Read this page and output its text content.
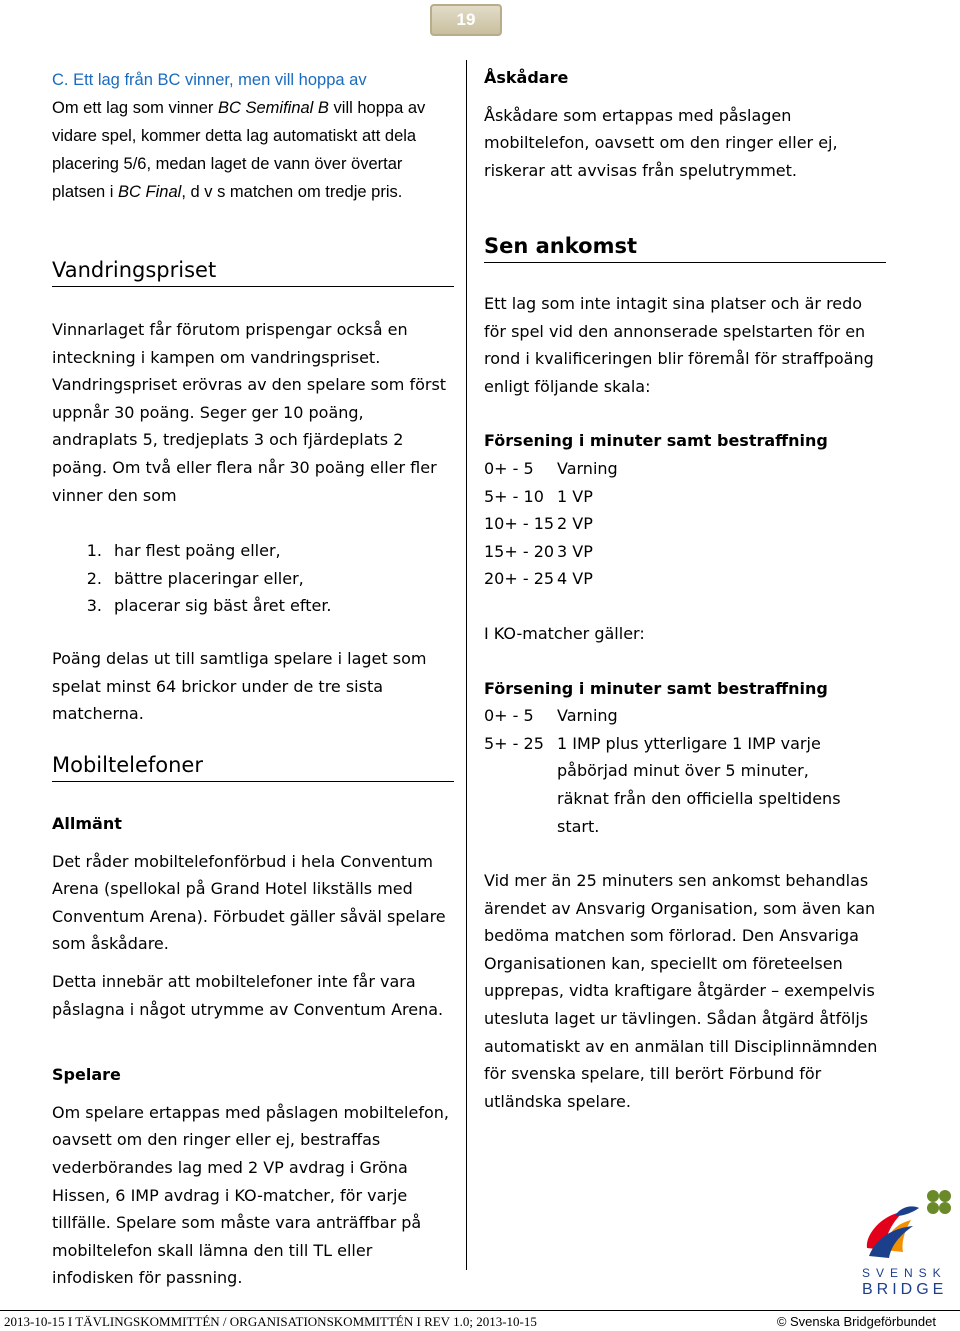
19
C. Ett lag från BC vinner, men vill hoppa av
Om ett lag som vinner BC Semifinal B vill hoppa av
vidare spel, kommer detta lag automatiskt att dela
placering 5/6, medan laget de vann över övertar
platsen i BC Final, d v s matchen om tredje pris.
Vandringspriset

Vinnarlaget får förutom prispengar också en inteckning i kampen om vandringspriset. Vandringspriset erövras av den spelare som först uppnår 30 poäng. Seger ger 10 poäng, andraplats 5, tredjeplats 3 och fjärdeplats 2 poäng. Om två eller flera når 30 poäng eller fler vinner den som

1. har flest poäng eller,
2. bättre placeringar eller,
3. placerar sig bäst året efter.

Poäng delas ut till samtliga spelare i laget som spelat minst 64 brickor under de tre sista matcherna.

Mobiltelefoner

Allmänt

Det råder mobiltelefonförbud i hela Conventum Arena (spellokal på Grand Hotel likställs med Conventum Arena). Förbudet gäller såväl spelare som åskådare.

Detta innebär att mobiltelefoner inte får vara påslagna i något utrymme av Conventum Arena.

Spelare

Om spelare ertappas med påslagen mobiltelefon, oavsett om den ringer eller ej, bestraffas vederbörandes lag med 2 VP avdrag i Gröna Hissen, 6 IMP avdrag i KO-matcher, för varje tillfälle. Spelare som måste vara anträffbar på mobiltelefon skall lämna den till TL eller infodisken för passning.

Åskådare

Åskådare som ertappas med påslagen mobiltelefon, oavsett om den ringer eller ej, riskerar att avvisas från spelutrymmet.

Sen ankomst

Ett lag som inte intagit sina platser och är redo för spel vid den annonserade spelstarten för en rond i kvalificeringen blir föremål för straffpoäng enligt följande skala:

Försening i minuter samt bestraffning

0+ - 5	Varning
5+ - 10 1 VP
10+ - 15 2 VP
15+ - 20 3 VP
20+ - 25 4 VP

I KO-matcher gäller:

Försening i minuter samt bestraffning

0+ - 5	Varning
5+ - 25 1 IMP plus ytterligare 1 IMP varje påbörjad minut över 5 minuter, räknat från den officiella speltidens start.

Vid mer än 25 minuters sen ankomst behandlas ärendet av Ansvarig Organisation, som även kan bedöma matchen som förlorad. Den Ansvariga Organisationen kan, speciellt om företeelsen upprepas, vidta kraftigare åtgärder – exempelvis utesluta laget ur tävlingen. Sådan åtgärd åtföljs automatiskt av en anmälan till Disciplinnämnden för svenska spelare, till berört Förbund för utländska spelare.

SVENSK
BRIDGE
2013-10-15 I TÄVLINGSKOMMITTÉN / ORGANISATIONSKOMMITTÉN I REV 1.0; 2013-10-15	© Svenska Bridgeförbundet
